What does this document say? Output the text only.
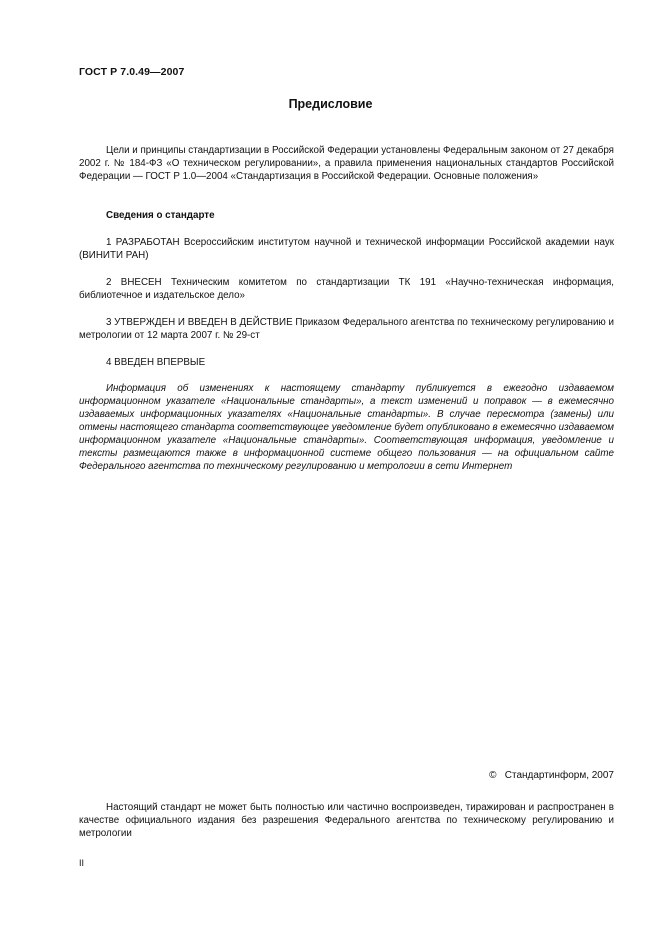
ГОСТ Р 7.0.49—2007
Предисловие
Цели и принципы стандартизации в Российской Федерации установлены Федеральным законом от 27 декабря 2002 г. № 184-ФЗ «О техническом регулировании», а правила применения национальных стандартов Российской Федерации — ГОСТ Р 1.0—2004 «Стандартизация в Российской Федерации. Основные положения»
Сведения о стандарте
1 РАЗРАБОТАН Всероссийским институтом научной и технической информации Российской академии наук (ВИНИТИ РАН)
2 ВНЕСЕН Техническим комитетом по стандартизации ТК 191 «Научно-техническая информация, библиотечное и издательское дело»
3 УТВЕРЖДЕН И ВВЕДЕН В ДЕЙСТВИЕ Приказом Федерального агентства по техническому регулированию и метрологии от 12 марта 2007 г. № 29-ст
4 ВВЕДЕН ВПЕРВЫЕ
Информация об изменениях к настоящему стандарту публикуется в ежегодно издаваемом информационном указателе «Национальные стандарты», а текст изменений и поправок — в ежемесячно издаваемых информационных указателях «Национальные стандарты». В случае пересмотра (замены) или отмены настоящего стандарта соответствующее уведомление будет опубликовано в ежемесячно издаваемом информационном указателе «Национальные стандарты». Соответствующая информация, уведомление и тексты размещаются также в информационной системе общего пользования — на официальном сайте Федерального агентства по техническому регулированию и метрологии в сети Интернет
©   Стандартинформ, 2007
Настоящий стандарт не может быть полностью или частично воспроизведен, тиражирован и распространен в качестве официального издания без разрешения Федерального агентства по техническому регулированию и метрологии
II
